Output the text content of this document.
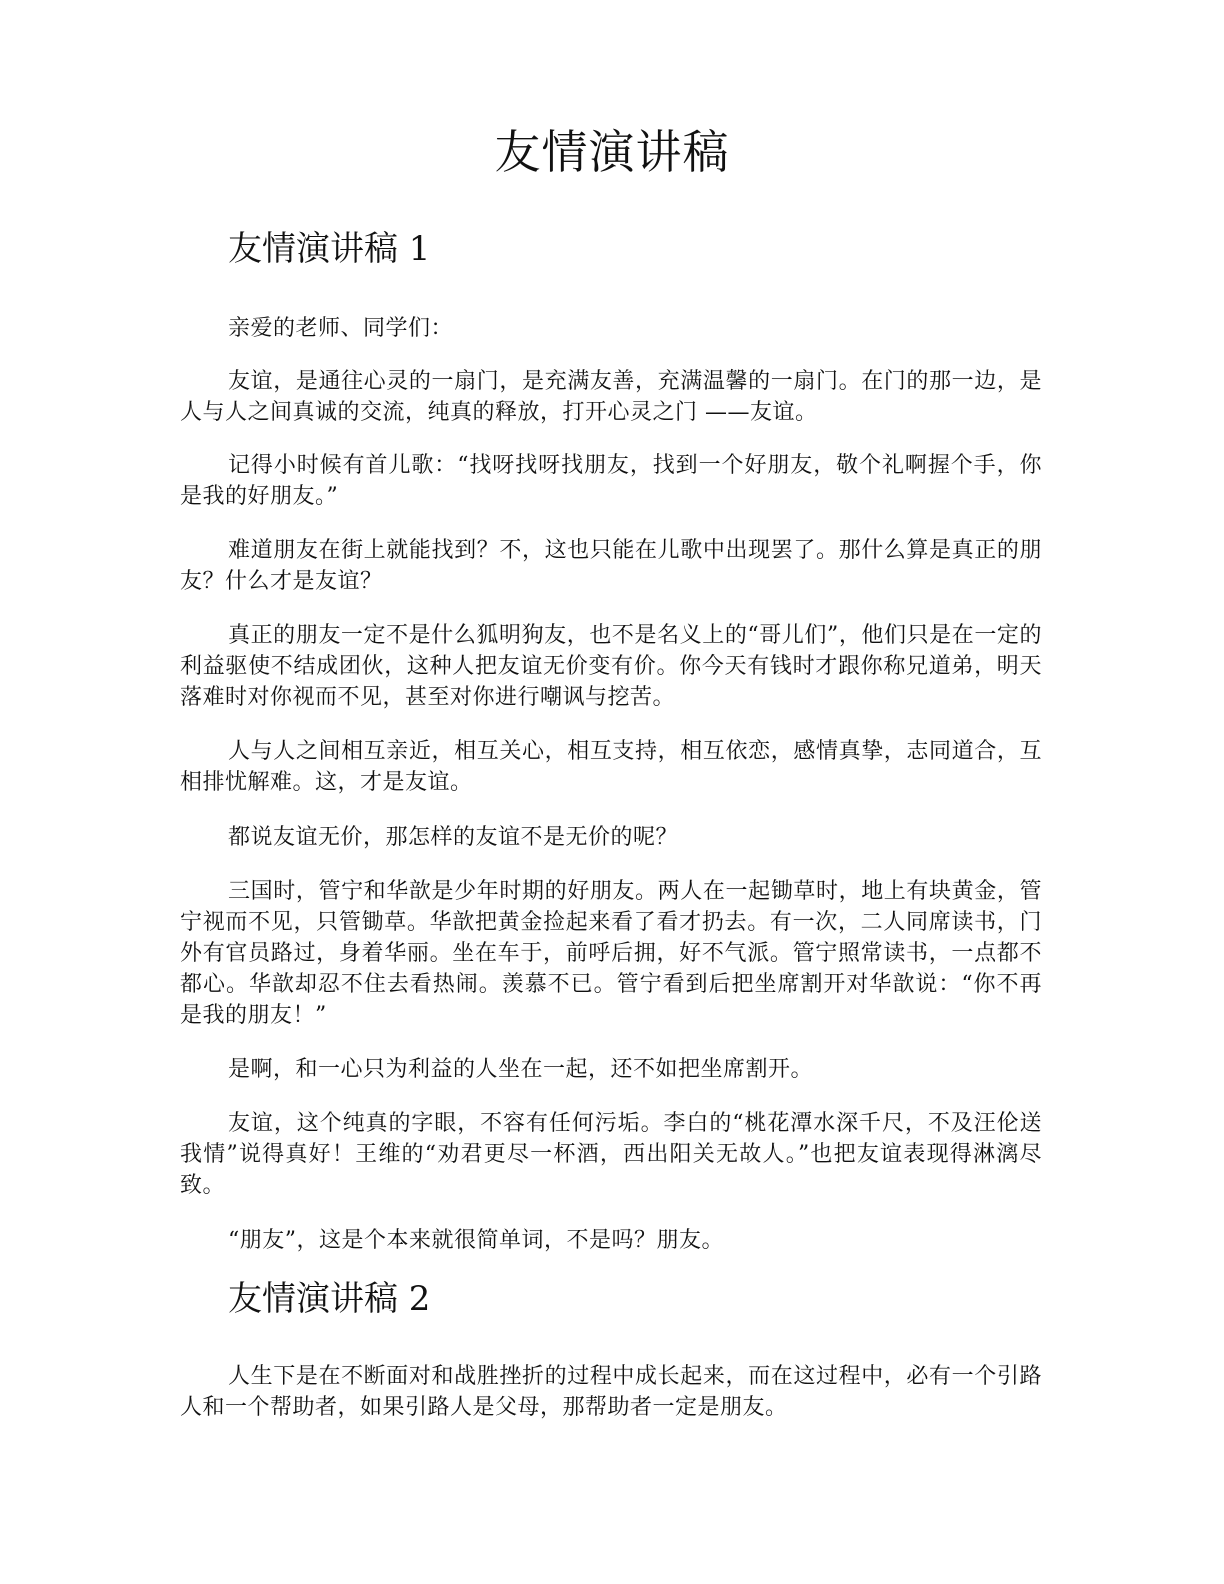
友情演讲稿
友情演讲稿 1

亲爱的老师、同学们：

友谊，是通往心灵的一扇门，是充满友善，充满温馨的一扇门。在门的那一边，是人与人之间真诚的交流，纯真的释放，打开心灵之门 ——友谊。

记得小时候有首儿歌：“找呀找呀找朋友，找到一个好朋友，敬个礼啊握个手，你是我的好朋友。”

难道朋友在街上就能找到？不，这也只能在儿歌中出现罢了。那什么算是真正的朋友？什么才是友谊？

真正的朋友一定不是什么狐明狗友，也不是名义上的“哥儿们”，他们只是在一定的利益驱使不结成团伙，这种人把友谊无价变有价。你今天有钱时才跟你称兄道弟，明天落难时对你视而不见，甚至对你进行嘲讽与挖苦。

人与人之间相互亲近，相互关心，相互支持，相互依恋，感情真挚，志同道合，互相排忧解难。这，才是友谊。

都说友谊无价，那怎样的友谊不是无价的呢？

三国时，管宁和华歆是少年时期的好朋友。两人在一起锄草时，地上有块黄金，管宁视而不见，只管锄草。华歆把黄金捡起来看了看才扔去。有一次，二人同席读书，门外有官员路过，身着华丽。坐在车于，前呼后拥，好不气派。管宁照常读书，一点都不都心。华歆却忍不住去看热闹。羡慕不已。管宁看到后把坐席割开对华歆说：“你不再是我的朋友！”

是啊，和一心只为利益的人坐在一起，还不如把坐席割开。

友谊，这个纯真的字眼，不容有任何污垢。李白的“桃花潭水深千尺，不及汪伦送我情”说得真好！王维的“劝君更尽一杯酒，西出阳关无故人。”也把友谊表现得淋漓尽致。

“朋友”，这是个本来就很简单词，不是吗？朋友。

友情演讲稿 2

人生下是在不断面对和战胜挫折的过程中成长起来，而在这过程中，必有一个引路人和一个帮助者，如果引路人是父母，那帮助者一定是朋友。
